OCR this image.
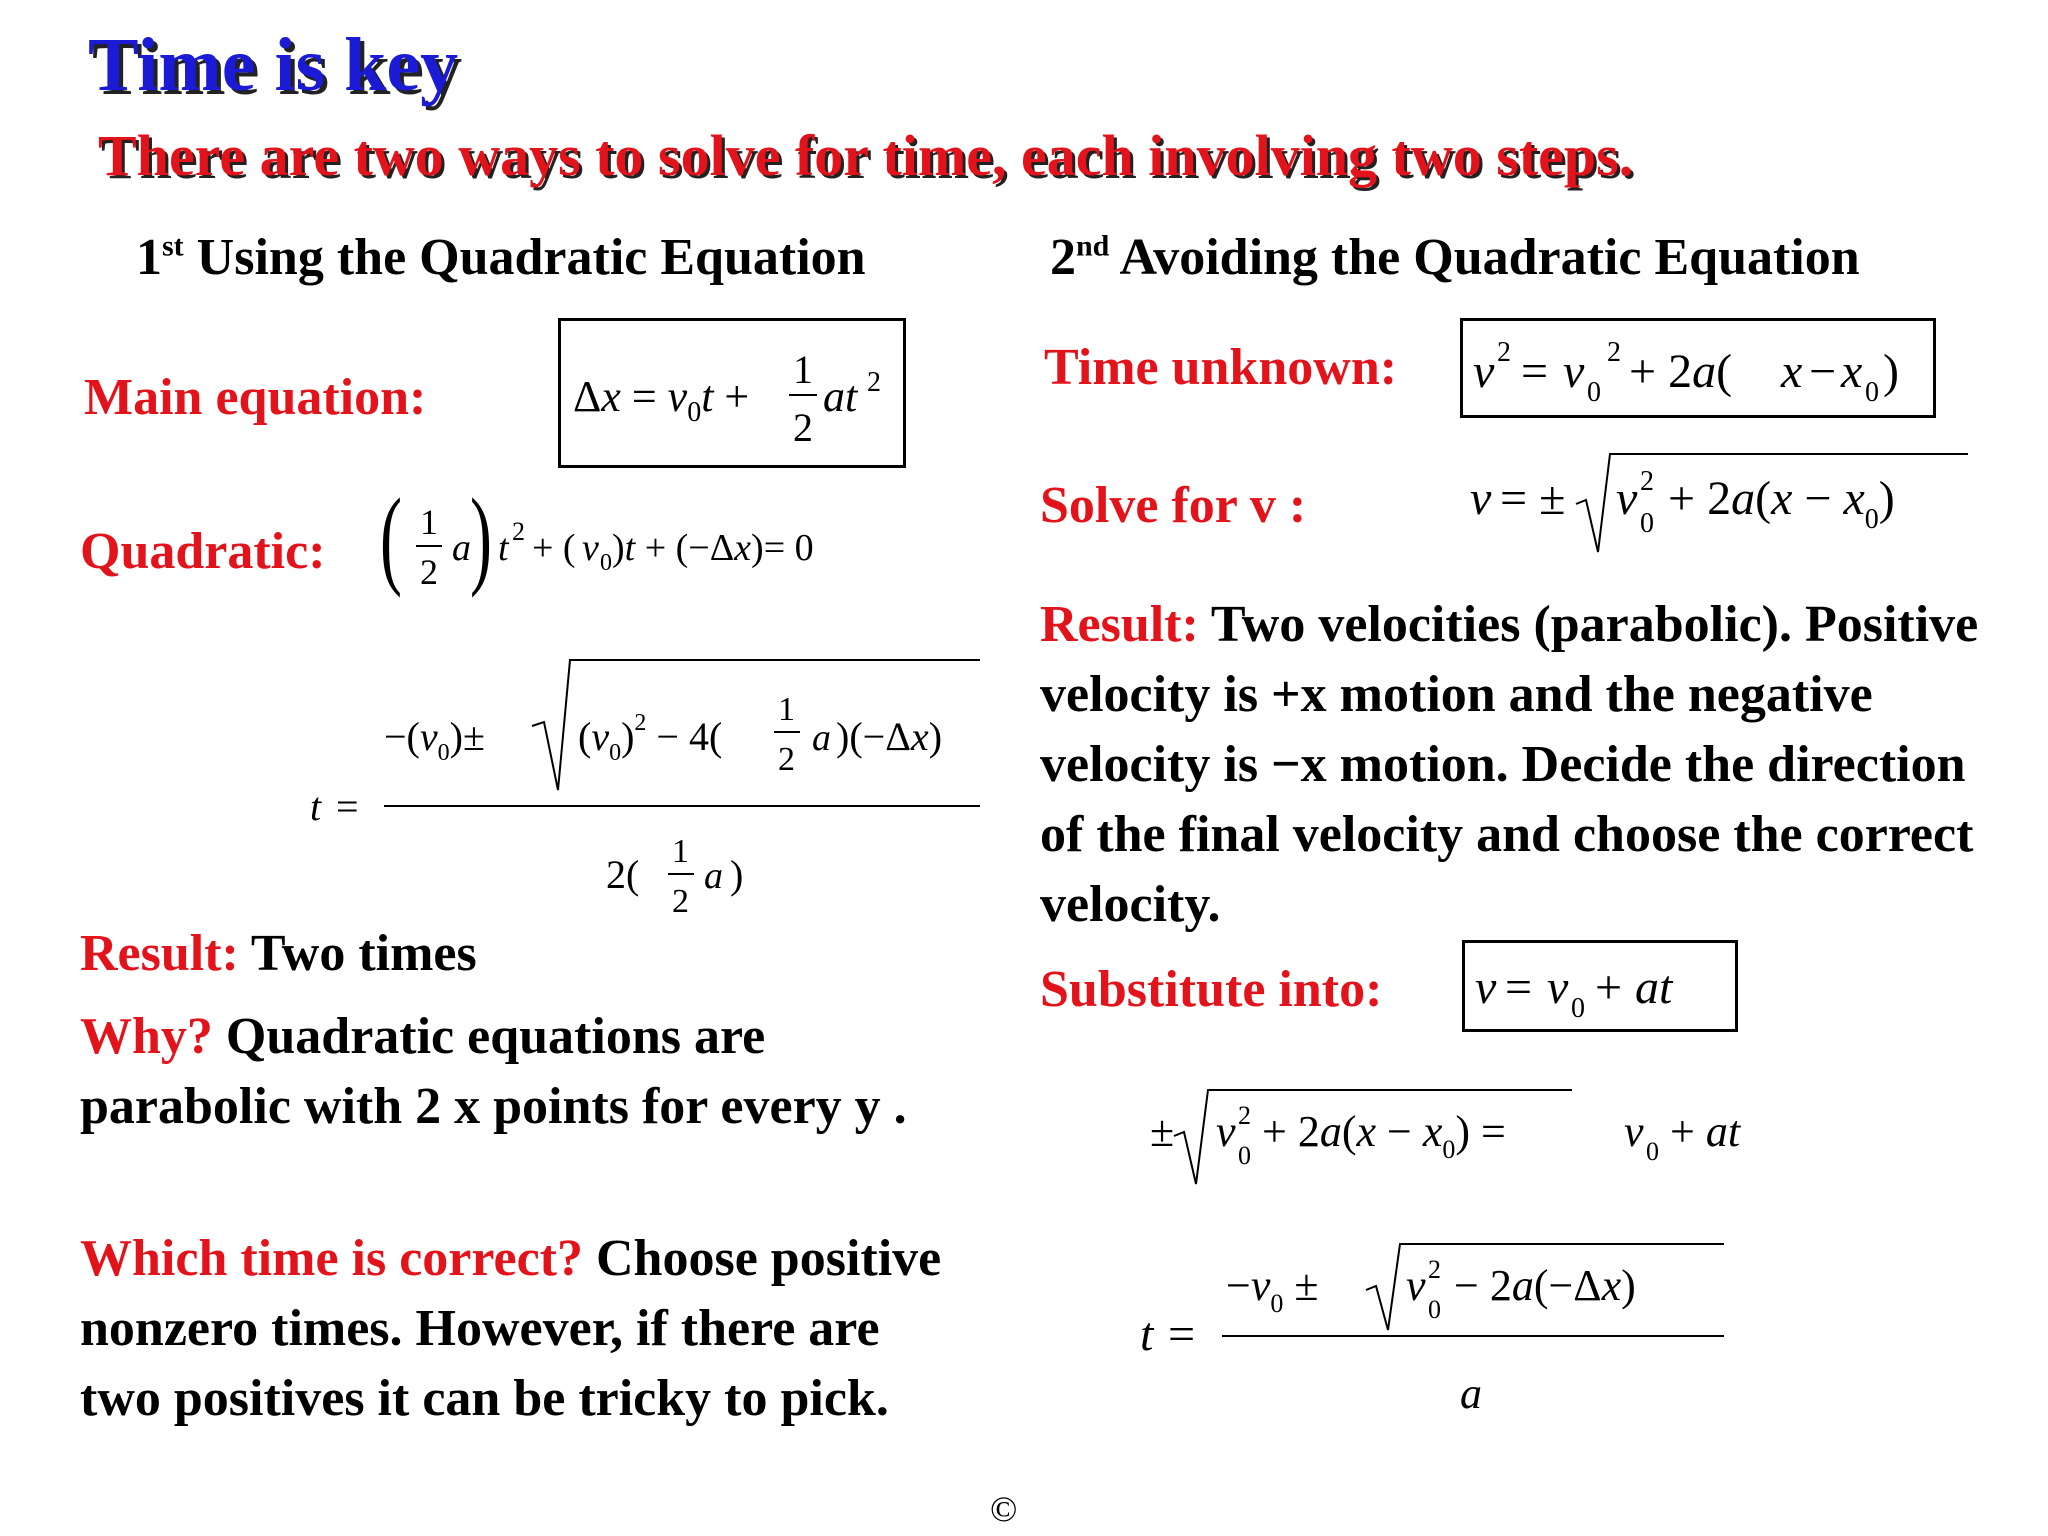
Time is key
There are two ways to solve for time, each involving two steps.
1st Using the Quadratic Equation
Main equation:	$\Delta x = v_0t$ +
1
2
at 2
Quadratic: ( 1
2
a ) t 2 + ( v 0 )t + (−Δx)= 0
t =
$-(v_0)\pm (v_0)^2 - 4$(
1
2
a )(−Δx)
2(
1
2
a )
Result: Two times
Why? Quadratic equations are parabolic with 2 x points for every y .
Which time is correct? Choose positive nonzero times. However, if there are two positives it can be tricky to pick.
2nd Avoiding the Quadratic Equation
Time unknown: v 2 = v 0
2 + 2a( x − x 0 )
Solve for v :	v = ± v 2
$0 + 2a(x - x_0)$
Result: Two velocities (parabolic). Positive velocity is +x motion and the negative velocity is −x motion. Decide the direction of the final velocity and choose the correct velocity.
Substitute into: v = v 0 + at
± v 2
$0 + 2a(x - x_0)$ =	v 0 + at
t =
$-v_0 \pm v$ 2
0 − 2a(−Δx)
a
©
